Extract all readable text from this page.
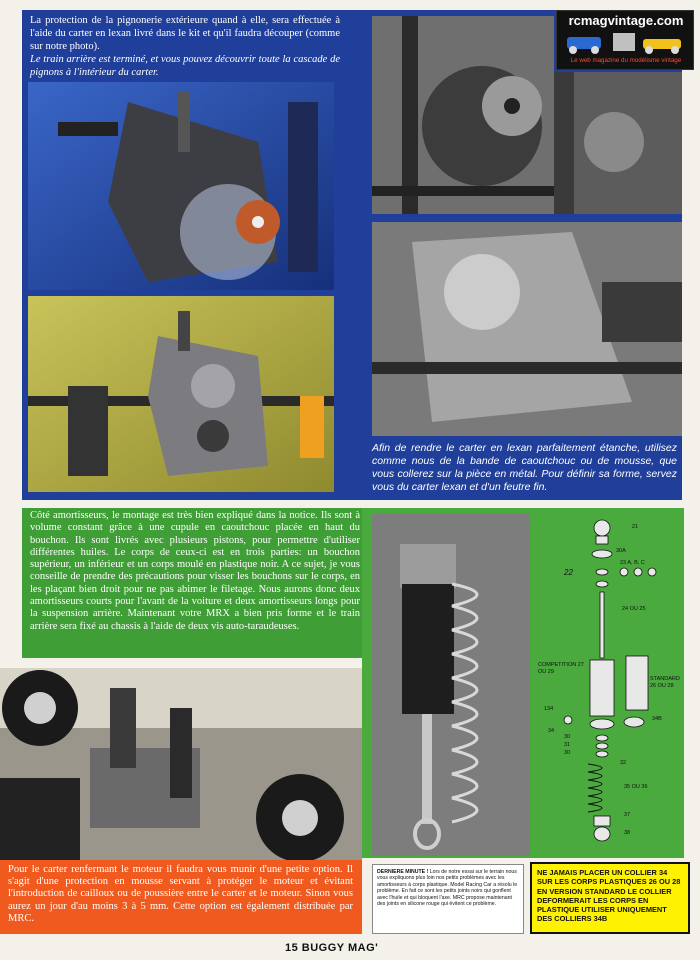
La protection de la pignonerie extérieure quand à elle, sera effectuée à l'aide du carter en lexan livré dans le kit et qu'il faudra découper (comme sur notre photo).

Le train arrière est terminé, et vous pouvez découvrir toute la cascade de pignons à l'intérieur du carter.

rcmagvintage.com
Le web magazine du modélisme vintage
Afin de rendre le carter en lexan parfaitement étanche, utilisez comme nous de la bande de caoutchouc ou de mousse, que vous collerez sur la pièce en métal. Pour définir sa forme, servez vous du carter lexan et d'un feutre fin.
Côté amortisseurs, le montage est très bien expliqué dans la notice. Ils sont à volume constant grâce à une cupule en caoutchouc placée en haut du bouchon. Ils sont livrés avec plusieurs pistons, pour permettre d'utiliser différentes huiles. Le corps de ceux-ci est en trois parties: un bouchon supérieur, un inférieur et un corps moulé en plastique noir. A ce sujet, je vous conseille de prendre des précautions pour visser les bouchons sur le corps, en les plaçant bien droit pour ne pas abimer le filetage. Nous aurons donc deux amortisseurs courts pour l'avant de la voiture et deux amortisseurs longs pour la suspension arrière. Maintenant votre MRX a bien pris forme et le train arrière sera fixé au chassis à l'aide de deux vis auto-taraudeuses.
21
30A
23 A, B, C
22
24 OU 25
COMPETITION 27 OU 29
STANDARD 26 OU 28
134
34
34B
30
31
30
32
35 OU 36
37
38
Pour le carter renfermant le moteur il faudra vous munir d'une petite option. Il s'agit d'une protection en mousse servant à protéger le moteur et évitant l'introduction de cailloux ou de poussière entre le carter et le moteur. Sinon vous aurez un jour d'au moins 3 à 5 mm. Cette option est également distribuée par MRC.
DERNIERE MINUTE ! Lors de notre essai sur le terrain nous vous expliquons plus loin nos petits problèmes avec les amortisseurs à corps plastique. Model Racing Car a résolu le problème. En fait ce sont les petits joints noirs qui gonflent avec l'huile et qui bloquent l'axe. MRC propose maintenant des joints en silicone rouge qui évitent ce problème.
NE JAMAIS PLACER UN COLLIER 34 SUR LES CORPS PLASTIQUES 26 OU 28 EN VERSION STANDARD LE COLLIER DEFORMERAIT LES CORPS EN PLASTIQUE UTILISER UNIQUEMENT DES COLLIERS 34B
15 BUGGY MAG'
